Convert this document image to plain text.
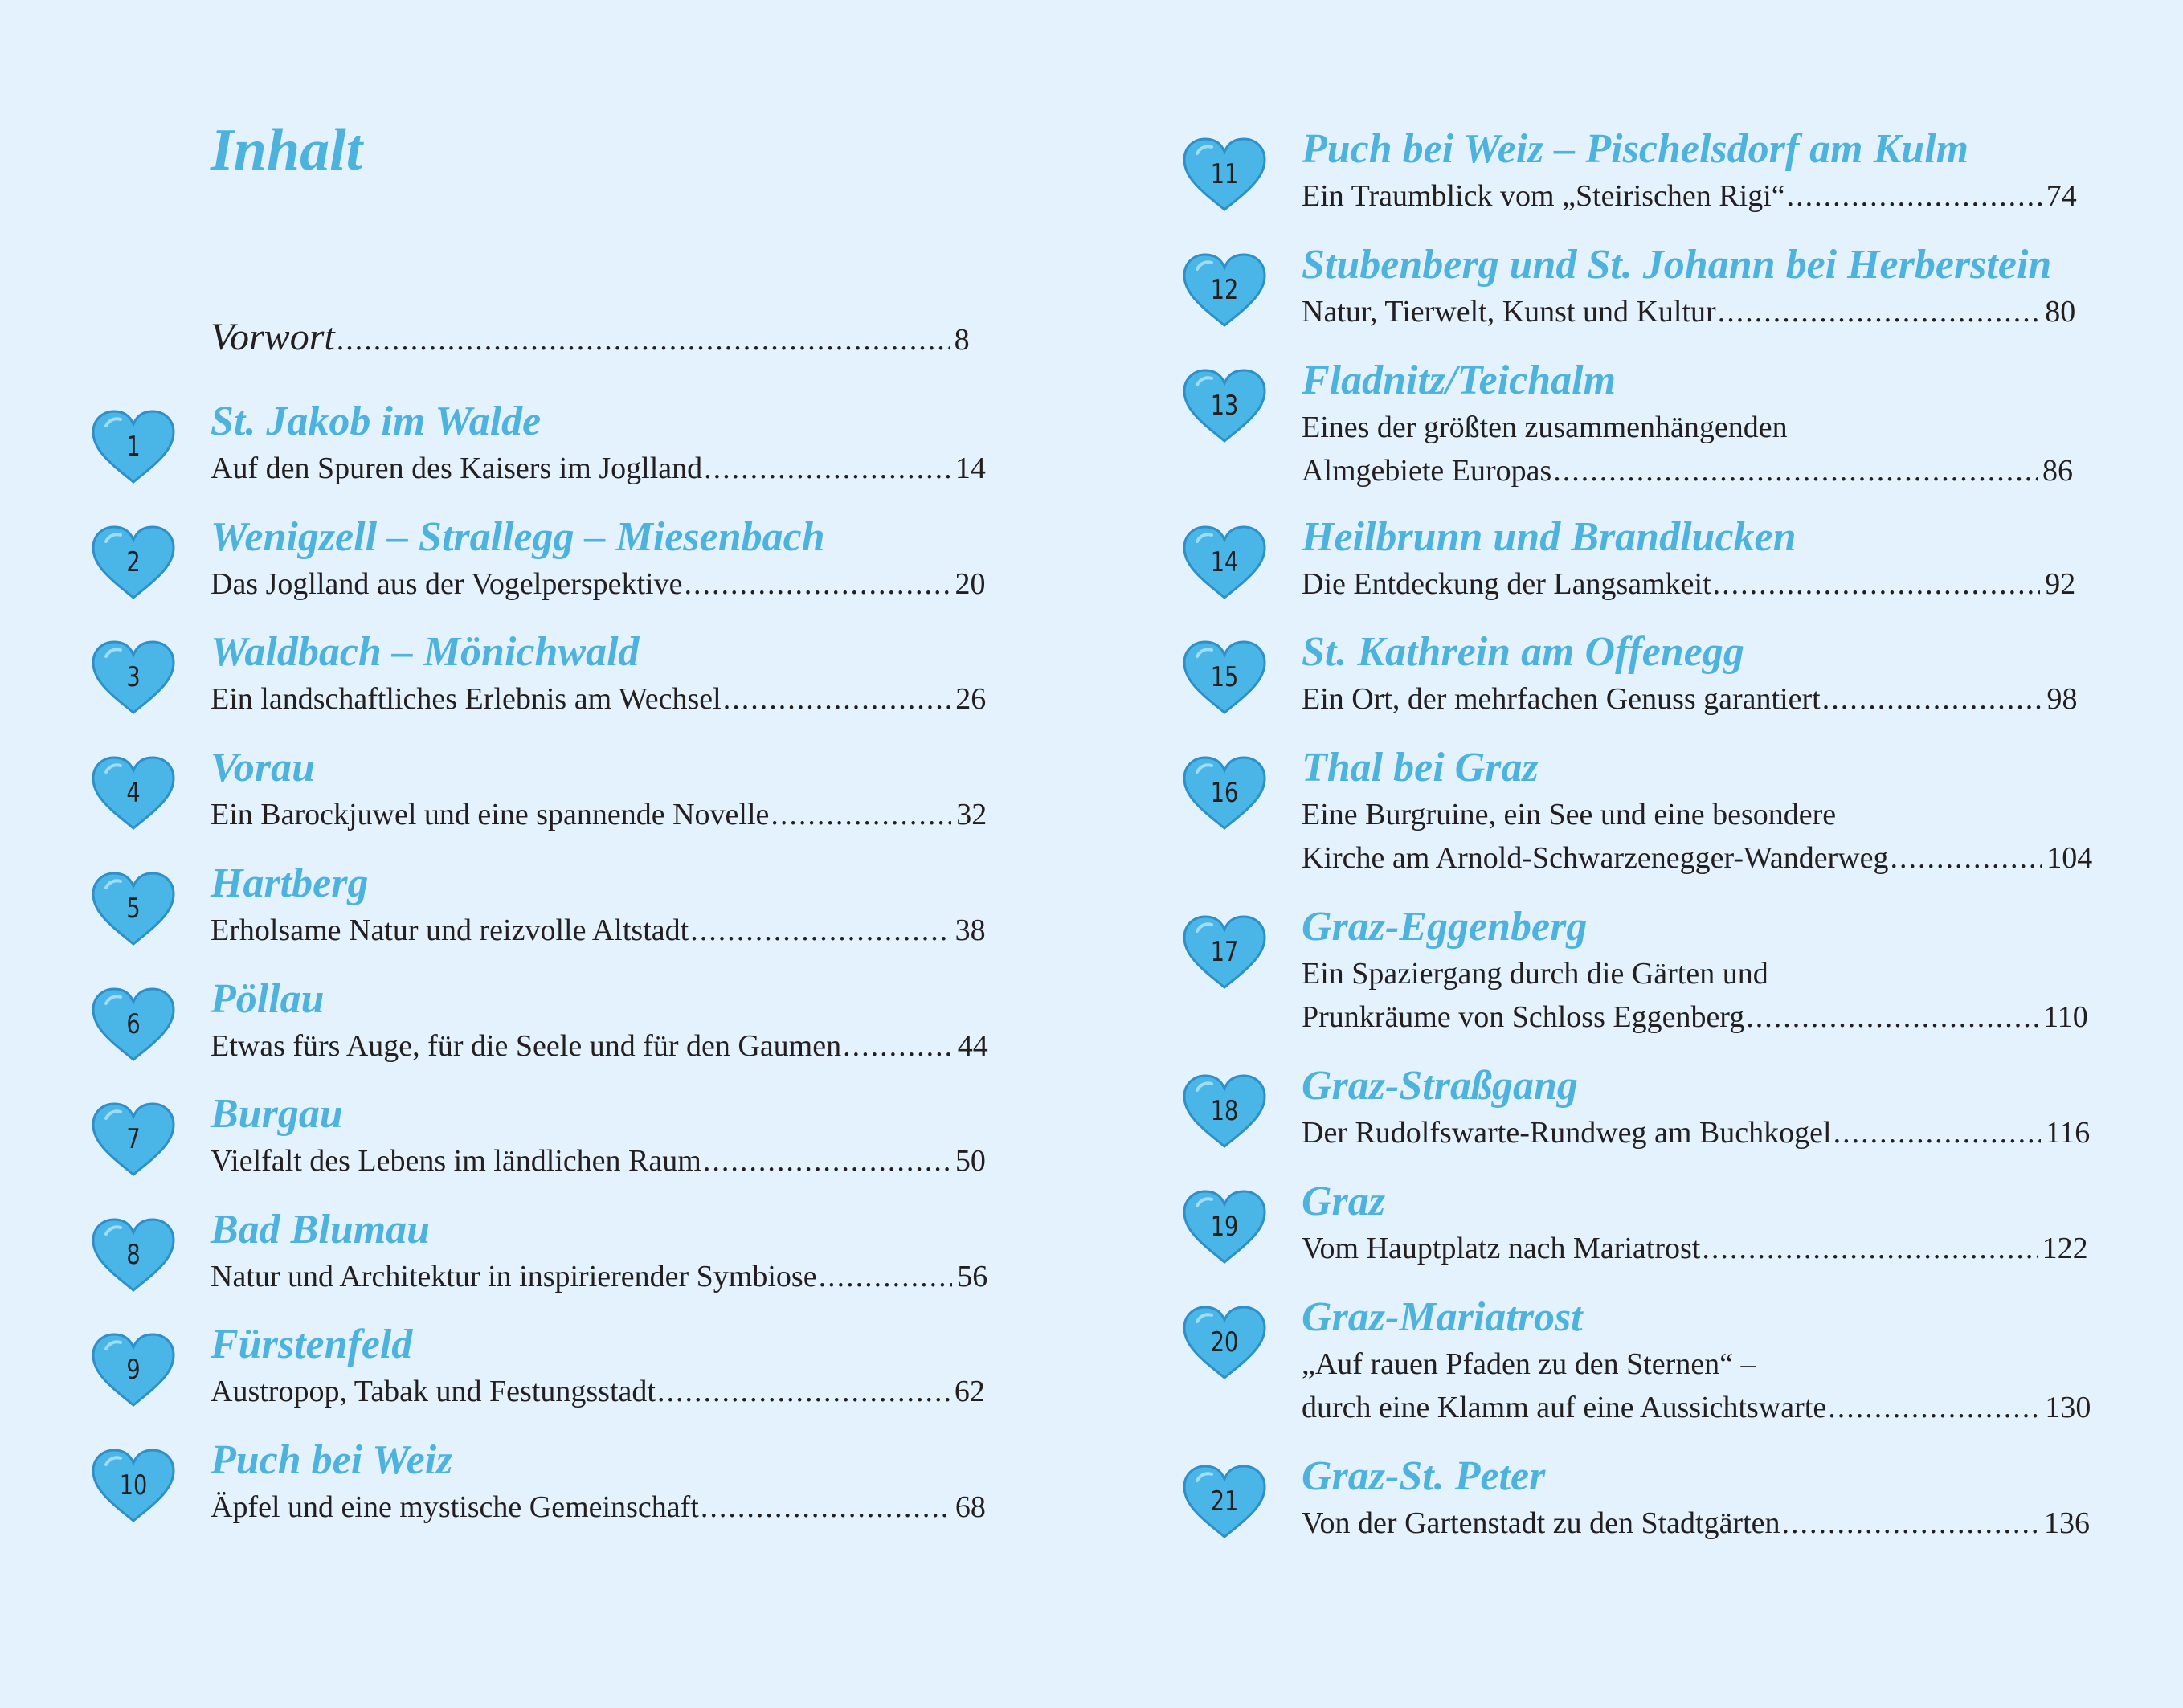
Inhalt
Vorwort .....	8
1
St. Jakob im Walde
Auf den Spuren des Kaisers im Joglland .....	14
2
Wenigzell – Strallegg – Miesenbach
Das Joglland aus der Vogelperspektive .....	20
3
Waldbach – Mönichwald
Ein landschaftliches Erlebnis am Wechsel .....	26
4
Vorau
Ein Barockjuwel und eine spannende Novelle .....	32
5
Hartberg
Erholsame Natur und reizvolle Altstadt .....	38
6
Pöllau
Etwas fürs Auge, für die Seele und für den Gaumen .....	44
7
Burgau
Vielfalt des Lebens im ländlichen Raum .....	50
8
Bad Blumau
Natur und Architektur in inspirierender Symbiose .....	56
9
Fürstenfeld
Austropop, Tabak und Festungsstadt .....	62
10
Puch bei Weiz
Äpfel und eine mystische Gemeinschaft .....	68
11
Puch bei Weiz – Pischelsdorf am Kulm
Ein Traumblick vom „Steirischen Rigi“ .....	74
12
Stubenberg und St. Johann bei Herberstein
Natur, Tierwelt, Kunst und Kultur .....	80
13
Fladnitz/Teichalm
Eines der größten zusammenhängenden
Almgebiete Europas .....	86
14
Heilbrunn und Brandlucken
Die Entdeckung der Langsamkeit .....	92
15
St. Kathrein am Offenegg
Ein Ort, der mehrfachen Genuss garantiert .....	98
16
Thal bei Graz
Eine Burgruine, ein See und eine besondere
Kirche am Arnold-Schwarzenegger-Wanderweg .....	104
17
Graz-Eggenberg
Ein Spaziergang durch die Gärten und
Prunkräume von Schloss Eggenberg .....	110
18
Graz-Straßgang
Der Rudolfswarte-Rundweg am Buchkogel .....	116
19
Graz
Vom Hauptplatz nach Mariatrost .....	122
20
Graz-Mariatrost
„Auf rauen Pfaden zu den Sternen“ –
durch eine Klamm auf eine Aussichtswarte .....	130
21
Graz-St. Peter
Von der Gartenstadt zu den Stadtgärten .....	136
